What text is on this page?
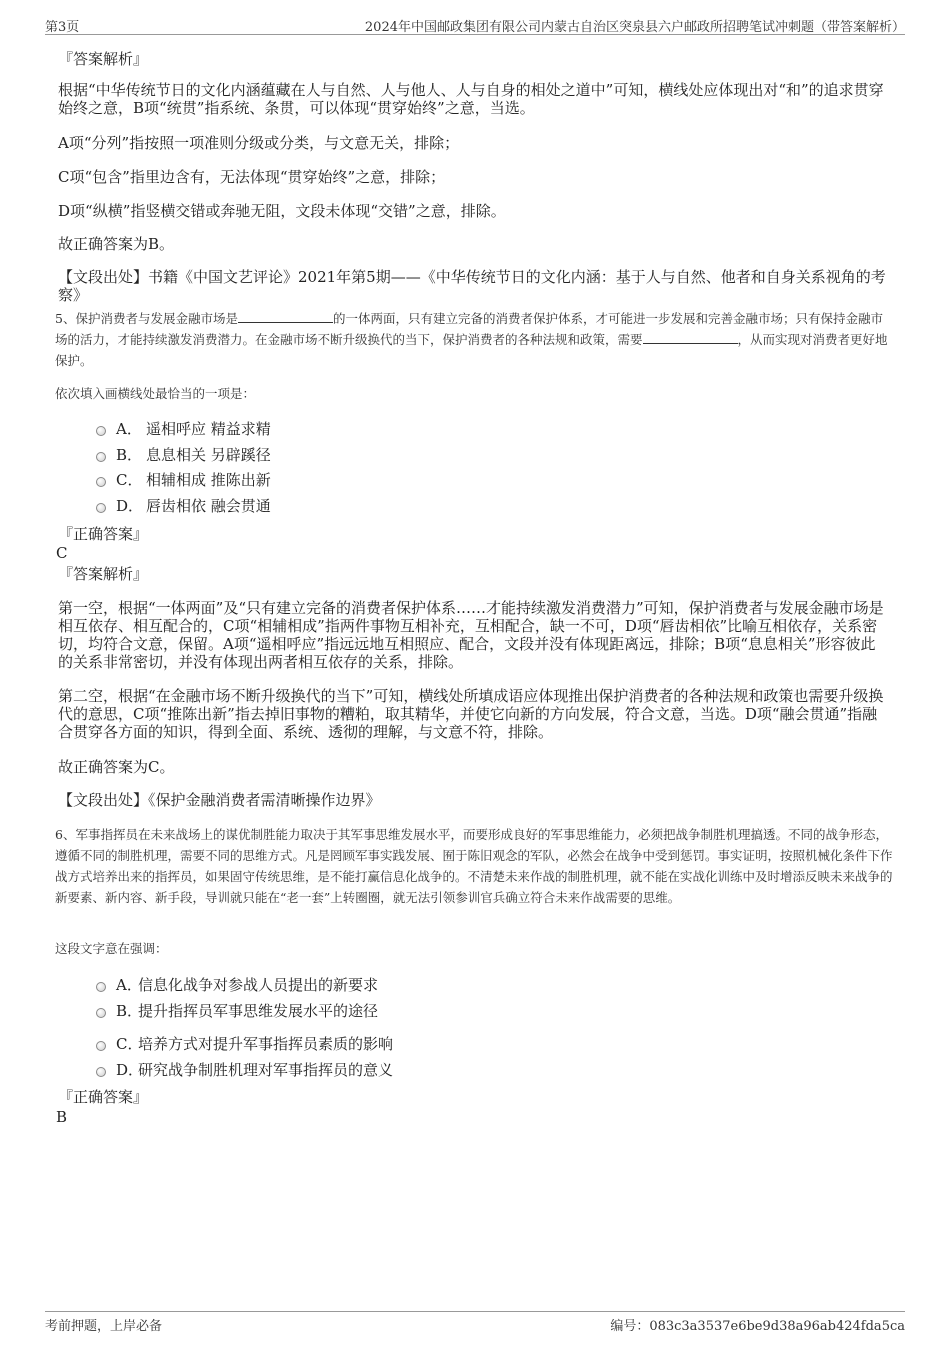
第3页	2024年中国邮政集团有限公司内蒙古自治区突泉县六户邮政所招聘笔试冲刺题（带答案解析）

『答案解析』

根据“中华传统节日的文化内涵蕴藏在人与自然、人与他人、人与自身的相处之道中”可知，横线处应体现出对“和”的追求贯穿始终之意，B项“统贯”指系统、条贯，可以体现“贯穿始终”之意，当选。

A项“分列”指按照一项准则分级或分类，与文意无关，排除；

C项“包含”指里边含有，无法体现“贯穿始终”之意，排除；

D项“纵横”指竖横交错或奔驰无阻，文段未体现“交错”之意，排除。

故正确答案为B。

【文段出处】书籍《中国文艺评论》2021年第5期——《中华传统节日的文化内涵：基于人与自然、他者和自身关系视角的考察》

5、保护消费者与发展金融市场是	的一体两面，只有建立完备的消费者保护体系，才可能进一步发展和完善金融市场；只有保持金融市场的活力，才能持续激发消费潜力。在金融市场不断升级换代的当下，保护消费者的各种法规和政策，需要	，从而实现对消费者更好地保护。

依次填入画横线处最恰当的一项是：

A． 遥相呼应 精益求精
B． 息息相关 另辟蹊径
C． 相辅相成 推陈出新
D． 唇齿相依 融会贯通

『正确答案』

C

『答案解析』

第一空，根据“一体两面”及“只有建立完备的消费者保护体系……才能持续激发消费潜力”可知，保护消费者与发展金融市场是相互依存、相互配合的，C项“相辅相成”指两件事物互相补充，互相配合，缺一不可，D项“唇齿相依”比喻互相依存，关系密切，均符合文意，保留。A项“遥相呼应”指远远地互相照应、配合，文段并没有体现距离远，排除；B项“息息相关”形容彼此的关系非常密切，并没有体现出两者相互依存的关系，排除。

第二空，根据“在金融市场不断升级换代的当下”可知，横线处所填成语应体现推出保护消费者的各种法规和政策也需要升级换代的意思，C项“推陈出新”指去掉旧事物的糟粕，取其精华，并使它向新的方向发展，符合文意，当选。D项“融会贯通”指融合贯穿各方面的知识，得到全面、系统、透彻的理解，与文意不符，排除。

故正确答案为C。

【文段出处】《保护金融消费者需清晰操作边界》

6、军事指挥员在未来战场上的谋优制胜能力取决于其军事思维发展水平，而要形成良好的军事思维能力，必须把战争制胜机理搞透。不同的战争形态，遵循不同的制胜机理，需要不同的思维方式。凡是罔顾军事实践发展、囿于陈旧观念的军队，必然会在战争中受到惩罚。事实证明，按照机械化条件下作战方式培养出来的指挥员，如果固守传统思维，是不能打赢信息化战争的。不清楚未来作战的制胜机理，就不能在实战化训练中及时增添反映未来战争的新要素、新内容、新手段，导训就只能在“老一套”上转圈圈，就无法引领参训官兵确立符合未来作战需要的思维。

这段文字意在强调：

A．信息化战争对参战人员提出的新要求
B．提升指挥员军事思维发展水平的途径
C．培养方式对提升军事指挥员素质的影响
D．研究战争制胜机理对军事指挥员的意义

『正确答案』

B

考前押题，上岸必备	编号：083c3a3537e6be9d38a96ab424fda5ca
